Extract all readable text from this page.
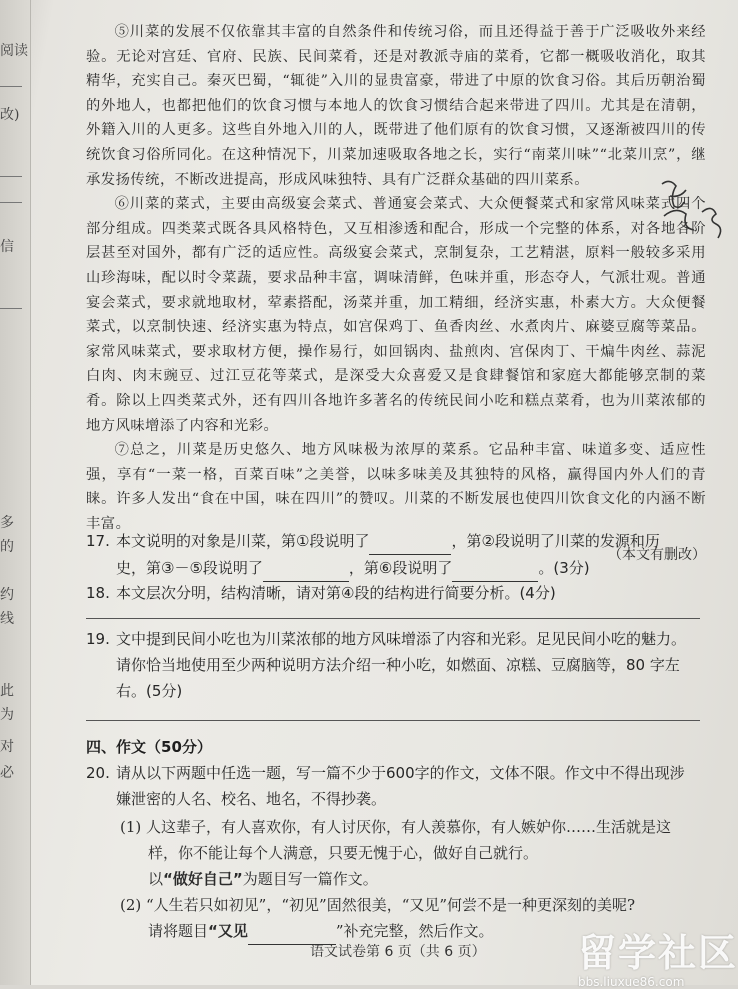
阅读
改)
信
多
的
约
线
此
为
对
必

⑤川菜的发展不仅依靠其丰富的自然条件和传统习俗，而且还得益于善于广泛吸收外来经验。无论对宫廷、官府、民族、民间菜肴，还是对教派寺庙的菜肴，它都一概吸收消化，取其精华，充实自己。秦灭巴蜀，“辄徙”入川的显贵富豪，带进了中原的饮食习俗。其后历朝治蜀的外地人，也都把他们的饮食习惯与本地人的饮食习惯结合起来带进了四川。尤其是在清朝，外籍入川的人更多。这些自外地入川的人，既带进了他们原有的饮食习惯，又逐渐被四川的传统饮食习俗所同化。在这种情况下，川菜加速吸取各地之长，实行“南菜川味”“北菜川烹”，继承发扬传统，不断改进提高，形成风味独特、具有广泛群众基础的四川菜系。

⑥川菜的菜式，主要由高级宴会菜式、普通宴会菜式、大众便餐菜式和家常风味菜式四个部分组成。四类菜式既各具风格特色，又互相渗透和配合，形成一个完整的体系，对各地各阶层甚至对国外，都有广泛的适应性。高级宴会菜式，烹制复杂，工艺精湛，原料一般较多采用山珍海味，配以时令菜蔬，要求品种丰富，调味清鲜，色味并重，形态夺人，气派壮观。普通宴会菜式，要求就地取材，荤素搭配，汤菜并重，加工精细，经济实惠，朴素大方。大众便餐菜式，以烹制快速、经济实惠为特点，如宫保鸡丁、鱼香肉丝、水煮肉片、麻婆豆腐等菜品。家常风味菜式，要求取材方便，操作易行，如回锅肉、盐煎肉、宫保肉丁、干煸牛肉丝、蒜泥白肉、肉末豌豆、过江豆花等菜式，是深受大众喜爱又是食肆餐馆和家庭大都能够烹制的菜肴。除以上四类菜式外，还有四川各地许多著名的传统民间小吃和糕点菜肴，也为川菜浓郁的地方风味增添了内容和光彩。

⑦总之，川菜是历史悠久、地方风味极为浓厚的菜系。它品种丰富、味道多变、适应性强，享有“一菜一格，百菜百味”之美誉，以味多味美及其独特的风格，赢得国内外人们的青睐。许多人发出“食在中国，味在四川”的赞叹。川菜的不断发展也使四川饮食文化的内涵不断丰富。

（本文有删改）

17. 本文说明的对象是川菜，第①段说明了	，第②段说明了川菜的发源和历
史，第③－⑤段说明了	，第⑥段说明了	。(3分)
18. 本文层次分明，结构清晰，请对第④段的结构进行简要分析。(4分)
19. 文中提到民间小吃也为川菜浓郁的地方风味增添了内容和光彩。足见民间小吃的魅力。
请你恰当地使用至少两种说明方法介绍一种小吃，如燃面、凉糕、豆腐脑等，80 字左
右。(5分)
四、作文（50分）
20. 请从以下两题中任选一题，写一篇不少于600字的作文，文体不限。作文中不得出现涉
嫌泄密的人名、校名、地名，不得抄袭。
(1) 人这辈子，有人喜欢你，有人讨厌你，有人羡慕你，有人嫉妒你……生活就是这
样，你不能让每个人满意，只要无愧于心，做好自己就行。
以“做好自己”为题目写一篇作文。
(2) “人生若只如初见”，“初见”固然很美，“又见”何尝不是一种更深刻的美呢?
请将题目“又见	”补充完整，然后作文。
语文试卷第 6 页（共 6 页） 留学社区
bbs.liuxue86.com
